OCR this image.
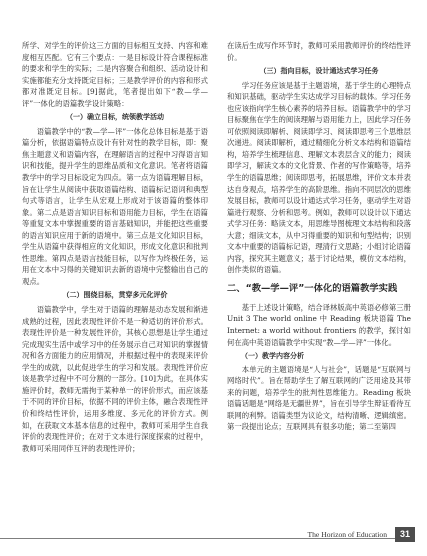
所学、对学生的评价这三方面的目标相互支持、内容和难度相互匹配。它有三个要点：一是目标设计符合课程标准的要求和学生的实际；二是内容聚合和组织、活动设计和实施都能充分支持既定目标；三是教学评价的内容和形式都对准既定目标。[9]据此，笔者提出如下“教—学—评”一体化的语篇教学设计策略：

（一）确立目标，统领教学活动

语篇教学中的“教—学—评”一体化总体目标是基于语篇分析，依据语篇特点设计有针对性的教学目标，即：聚焦主题意义和语篇内容，在理解语言的过程中习得语言知识和技能，提升学生的思维品质和文化意识。笔者将语篇教学中的学习目标设定为四点。第一点为语篇理解目标，旨在让学生从阅读中获取语篇结构、语篇标记语词和典型句式等语言，让学生从宏观上形成对于该语篇的整体印象。第二点是语言知识目标和语用能力目标，学生在语篇等重复文本中掌握重要的语言基础知识，并能把这些重要的语言知识应用于新的语境中。第三点是文化知识目标，学生从语篇中获得相应的文化知识，形成文化意识和批判性思维。第四点是语言技能目标，以写作为终极任务，运用在文本中习得的关键知识去新的语境中完整输出自己的观点。

（二）围绕目标，贯穿多元化评价

语篇教学中，学生对于语篇的理解是动态发展和渐进成熟的过程，因此表现性评价不是一种适切的评价形式。表现性评价是一种发展性评价，其核心思想是让学生通过完成现实生活中或学习中的任务展示自己对知识的掌握情况和各方面能力的应用情况，并根据过程中的表现来评价学生的成就，以此促进学生的学习和发展。表现性评价应该是教学过程中不可分割的一部分。[10]为此，在具体实施评价时，教师无需拘于某种单一的评价形式，而应该基于不同的评价目标，依据不同的评价主体，融合表现性评价和终结性评价，运用多维度、多元化的评价方式。例如，在获取文本基本信息的过程中，教师可采用学生自我评价的表现性评价；在对于文本进行深度探索的过程中，教师可采用同伴互评的表现性评价；

在读后生成写作环节时，教师可采用教师评价的终结性评价。

（三）指向目标，设计通达式学习任务

学习任务应该是基于主题语境，基于学生的心理特点和知识基础，驱动学生实达成学习目标的载体。学习任务也应该指向学生核心素养的培养目标。语篇教学中的学习目标聚焦在学生的阅读理解与语用能力上，因此学习任务可依照阅读即解析、阅读即学习、阅读即思考三个思维层次递进。阅读即解析，通过精细化分析文本结构和语篇结构，培养学生梳理信息、理解文本表层含义的能力；阅读即学习，解读文本的文化背景、作者的写作策略等，培养学生的语篇思维；阅读即思考，拓展思维，评价文本并表达自身观点，培养学生的高阶思维。指向不同层次的思维发展目标，教师可以设计通达式学习任务，驱动学生对语篇进行观察、分析和思考。例如，教师可以设计以下通达式学习任务：略读文本，用思维导图梳理文本结构和段落大意；细读文本，从中习得重要的知识和句型结构；识别文本中重要的语篇标记语，理清行文思路；小组讨论语篇内容，探究其主题意义；基于讨论结果，模仿文本结构，创作类似的语篇。

二、“教—学—评”一体化的语篇教学实践

基于上述设计策略，结合译林版高中英语必修第三册 Unit 3 The world online 中 Reading 板块语篇 The Internet: a world without frontiers 的教学，探讨如何在高中英语语篇教学中实现“教—学—评”一体化。

（一）教学内容分析

本单元的主题语境是“人与社会”，话题是“互联网与网络时代”。旨在帮助学生了解互联网的广泛用途及其带来的问题，培养学生的批判性思维能力。Reading 板块语篇话题是“网络是无疆世界”，旨在引导学生辩证看待互联网的利弊。语篇类型为议论文，结构清晰、逻辑缜密。第一段提出论点；互联网具有很多功能；第二至第四

The Horizon of Education	31
